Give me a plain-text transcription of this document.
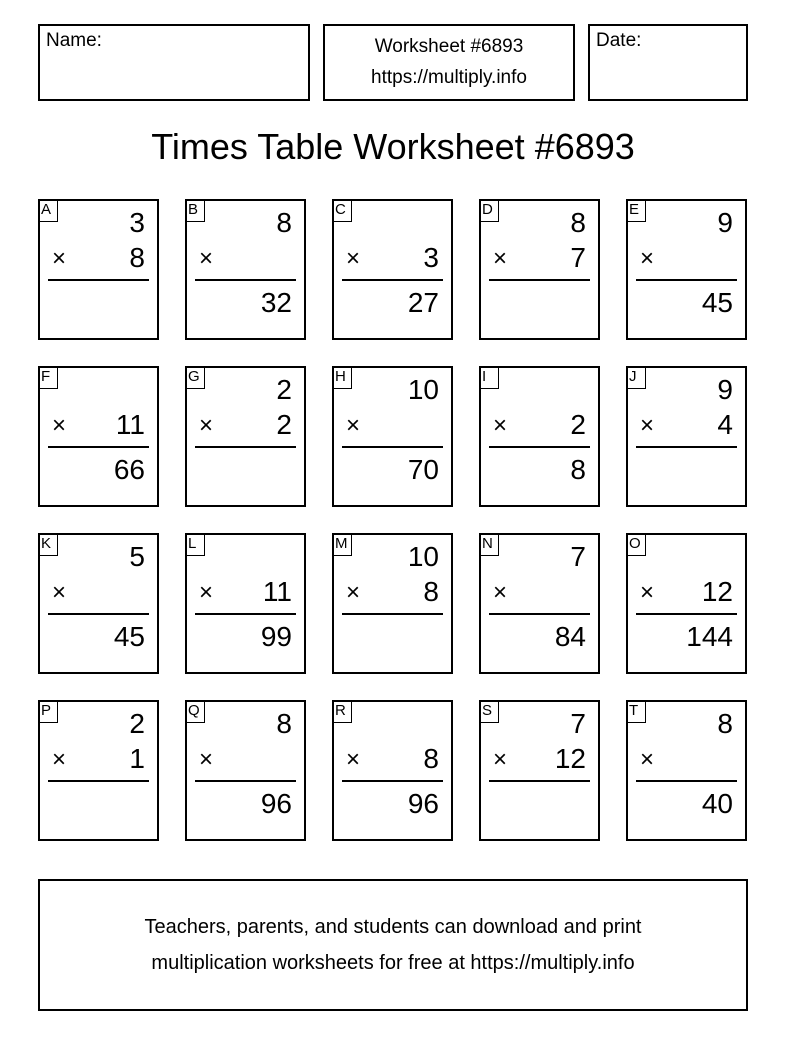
Name:	Worksheet #6893
https://multiply.info
Date:
Times Table Worksheet #6893
A	3
× 8
B	8
×
32
C
× 3
27
D	8
× 7
E	9
×
45
F
× 11
66
G	2
× 2
H 10
×
70
I
× 2
8
J	9
× 4
K	5
×
45
L
× 11
99
M 10
× 8
N	7
×
84
O
× 12
144
P	2
× 1
Q	8
×
96
R
× 8
96
S	7
× 12
T	8
×
40
Teachers, parents, and students can download and print
multiplication worksheets for free at https://multiply.info
